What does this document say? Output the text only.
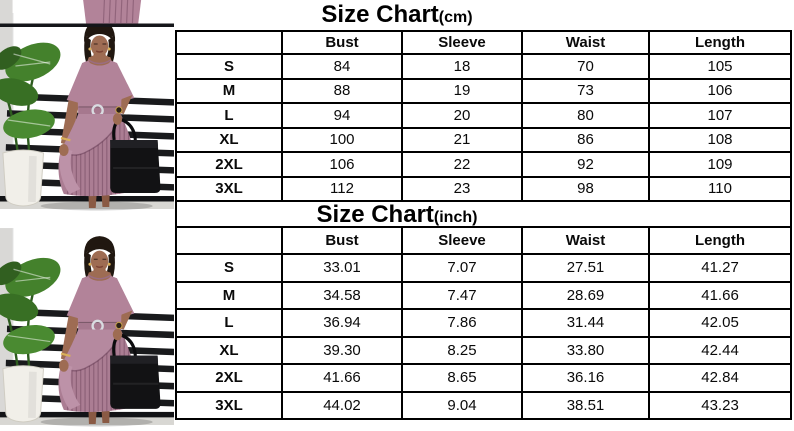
Size Chart(cm)
	Bust	Sleeve	Waist	Length
S	84	18	70	105
M	88	19	73	106
L	94	20	80	107
XL	100	21	86	108
2XL	106	22	92	109
3XL	112	23	98	110
Size Chart(inch)

	Bust	Sleeve	Waist	Length
S	33.01	7.07	27.51	41.27
M	34.58	7.47	28.69	41.66
L	36.94	7.86	31.44	42.05
XL	39.30	8.25	33.80	42.44
2XL	41.66	8.65	36.16	42.84
3XL	44.02	9.04	38.51	43.23
